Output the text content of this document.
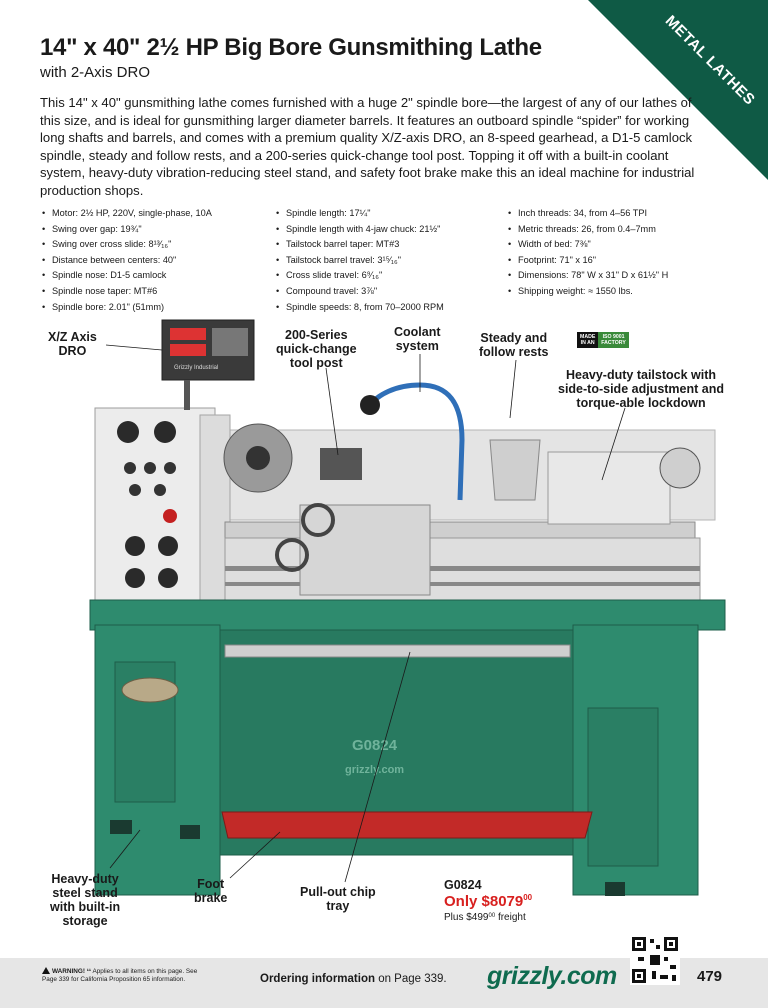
METAL LATHES
14" x 40" 2½ HP Big Bore Gunsmithing Lathe
with 2-Axis DRO

This 14" x 40" gunsmithing lathe comes furnished with a huge 2" spindle bore—the largest of any of our lathes of this size, and is ideal for gunsmithing larger diameter barrels. It features an outboard spindle “spider” for working long shafts and barrels, and comes with a premium quality X/Z-axis DRO, an 8-speed gearhead, a D1-5 camlock spindle, steady and follow rests, and a 200-series quick-change tool post. Topping it off with a built-in coolant system, heavy-duty vibration-reducing steel stand, and safety foot brake make this an ideal machine for industrial production shops.

• Motor: 2½ HP, 220V, single-phase, 10A
• Swing over gap: 19¾"
• Swing over cross slide: 8¹³⁄₁₆"
• Distance between centers: 40"
• Spindle nose: D1-5 camlock
• Spindle nose taper: MT#6
• Spindle bore: 2.01" (51mm)
• Spindle length: 17¼"
• Spindle length with 4-jaw chuck: 21½"
• Tailstock barrel taper: MT#3
• Tailstock barrel travel: 3¹⁵⁄₁₆"
• Cross slide travel: 6⁹⁄₁₆"
• Compound travel: 3⅞"
• Spindle speeds: 8, from 70–2000 RPM
• Inch threads: 34, from 4–56 TPI
• Metric threads: 26, from 0.4–7mm
• Width of bed: 7⅜"
• Footprint: 71" x 16"
• Dimensions: 78" W x 31" D x 61½" H
• Shipping weight: ≈ 1550 lbs.
Grizzly Industrial
G0824
grizzly.com
X/Z Axis
DRO
200-Series
quick-change
tool post
Coolant
system
Steady and
follow rests
Heavy-duty tailstock with
side-to-side adjustment and
torque-able lockdown
Heavy-duty
steel stand
with built-in
storage
Foot
brake	Pull-out chip
tray
MADE
IN AN
ISO 9001
FACTORY
G0824
Only $8079$^{00}$
Plus $\$499^{00}$ freight
WARNING! ¹¹ Applies to all items on this page. See
Page 339 for California Proposition 65 information.	Ordering information on Page 339. grizzly.com	479
